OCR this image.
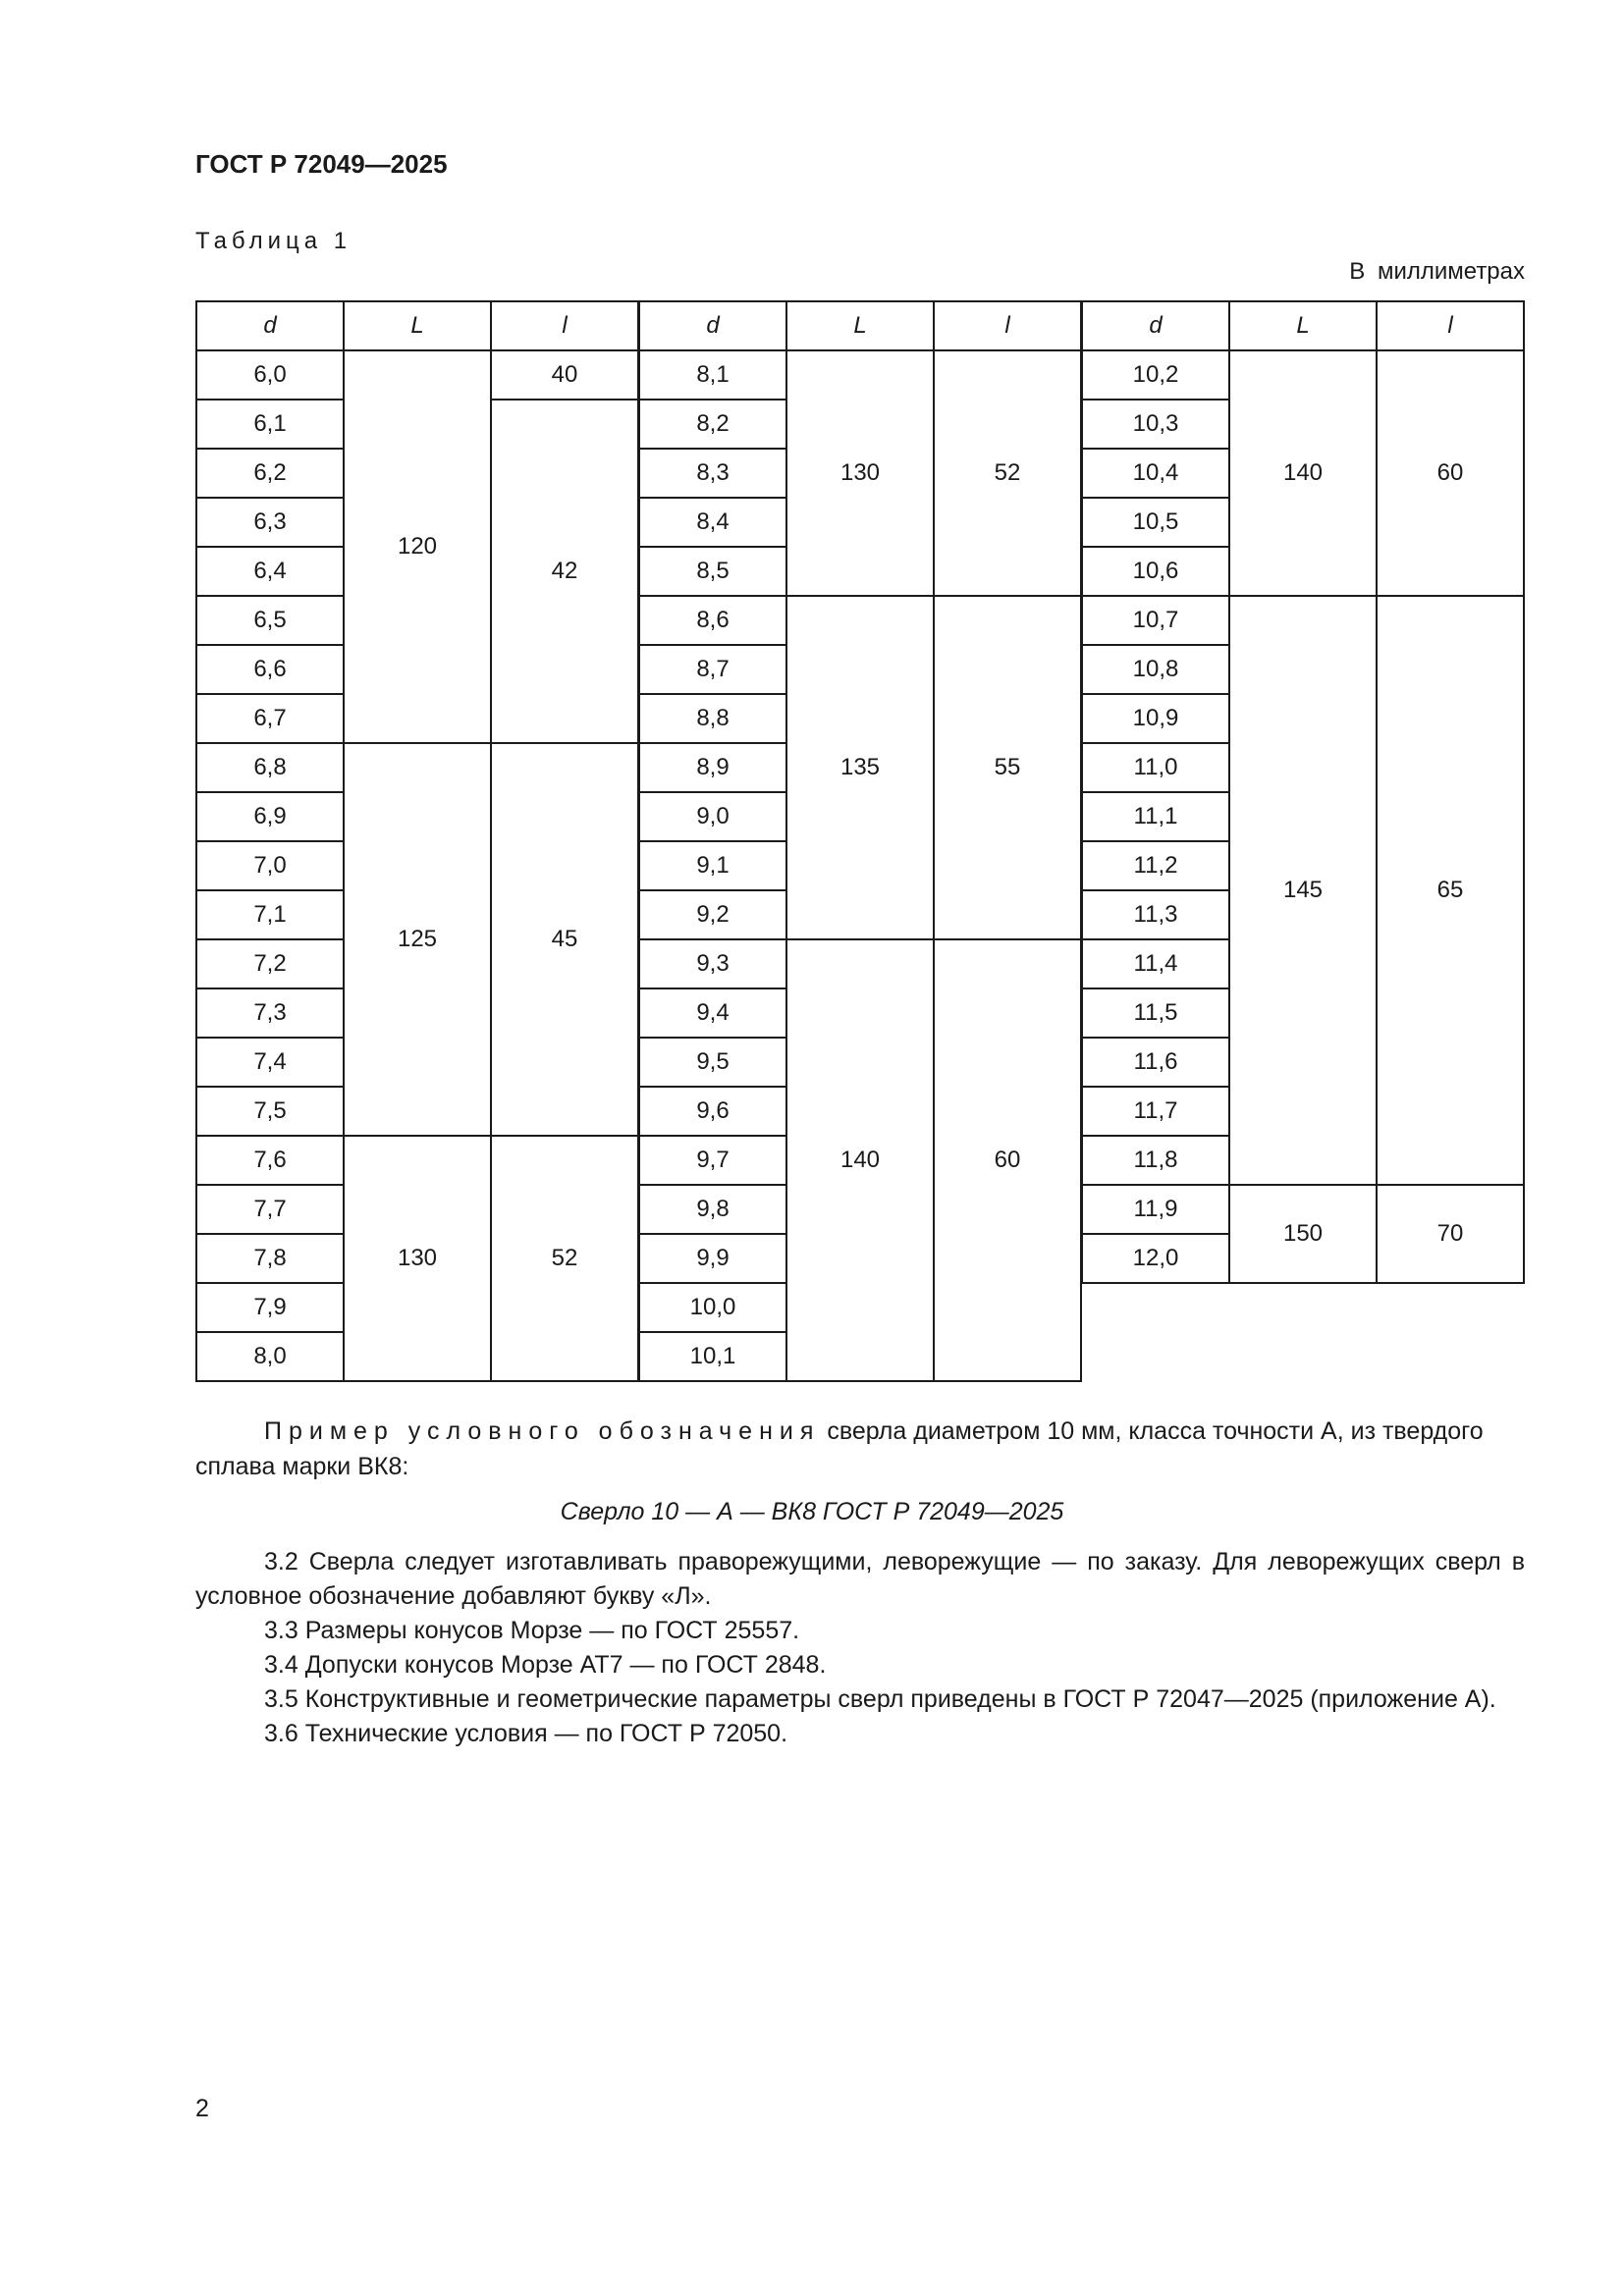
ГОСТ Р 72049—2025
Таблица 1
В миллиметрах
d	L	l
6,0	120	40
6,1		42
6,2		
6,3		
6,4		
6,5		
6,6		
6,7		
6,8	125	45
6,9		
7,0		
7,1		
7,2		
7,3		
7,4		
7,5		
7,6	130	52
7,7		
7,8		
7,9		
8,0		
d	L	l
8,1	130	52
8,2		
8,3		
8,4		
8,5		
8,6	135	55
8,7		
8,8		
8,9		
9,0		
9,1		
9,2		
9,3	140	60
9,4		
9,5		
9,6		
9,7		
9,8		
9,9		
10,0		
10,1		
d	L	l
10,2	140	60
10,3		
10,4		
10,5		
10,6		
10,7	145	65
10,8		
10,9		
11,0		
11,1		
11,2		
11,3		
11,4		
11,5		
11,6		
11,7		
11,8		
11,9	150	70
12,0		
Пример условного обозначения сверла диаметром 10 мм, класса точности А, из твердого сплава марки ВК8:
Сверло 10 — А — ВК8 ГОСТ Р 72049—2025

3.2 Сверла следует изготавливать праворежущими, леворежущие — по заказу. Для леворежущих сверл в условное обозначение добавляют букву «Л».

3.3 Размеры конусов Морзе — по ГОСТ 25557.

3.4 Допуски конусов Морзе АТ7 — по ГОСТ 2848.

3.5 Конструктивные и геометрические параметры сверл приведены в ГОСТ Р 72047—2025 (приложение А).

3.6 Технические условия — по ГОСТ Р 72050.

2
